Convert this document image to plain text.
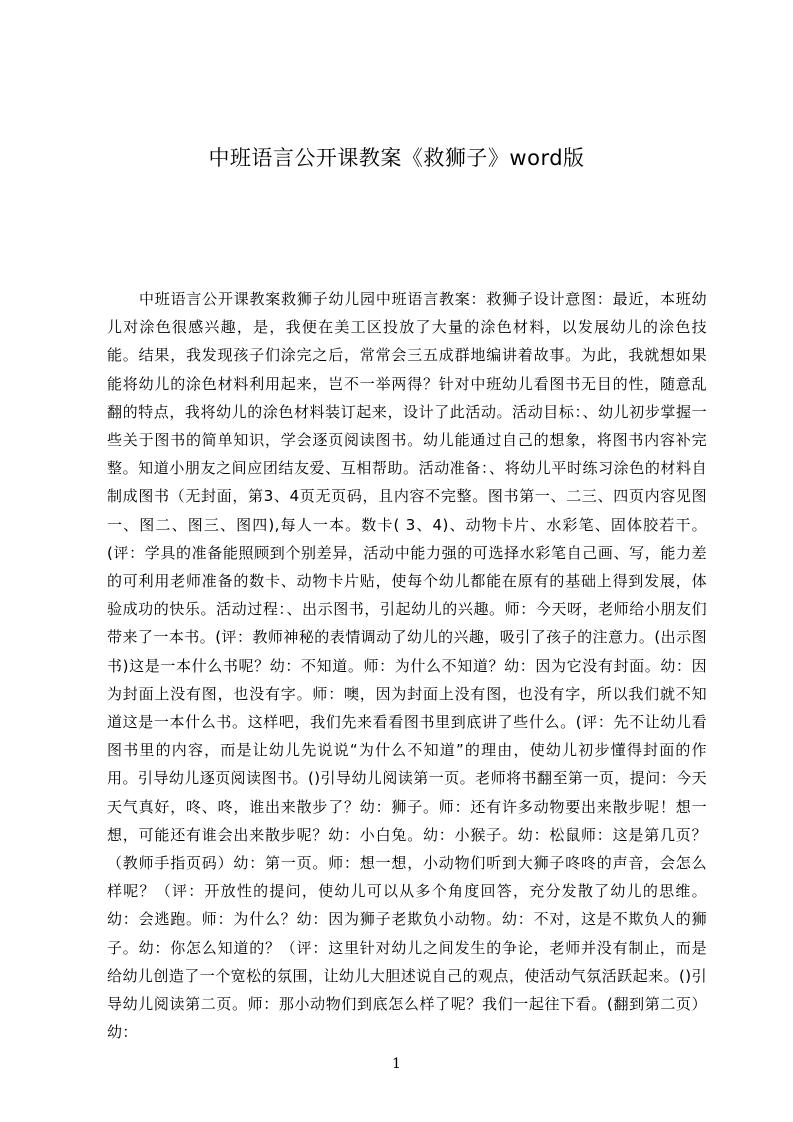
中班语言公开课教案《救狮子》word版

中班语言公开课教案救狮子幼儿园中班语言教案：救狮子设计意图：最近，本班幼儿对涂色很感兴趣，是，我便在美工区投放了大量的涂色材料，以发展幼儿的涂色技能。结果，我发现孩子们涂完之后，常常会三五成群地编讲着故事。为此，我就想如果能将幼儿的涂色材料利用起来，岂不一举两得？针对中班幼儿看图书无目的性，随意乱翻的特点，我将幼儿的涂色材料装订起来，设计了此活动。活动目标：、幼儿初步掌握一些关于图书的简单知识，学会逐页阅读图书。幼儿能通过自己的想象，将图书内容补完整。知道小朋友之间应团结友爱、互相帮助。活动准备：、将幼儿平时练习涂色的材料自制成图书（无封面，第3、4页无页码，且内容不完整。图书第一、二三、四页内容见图一、图二、图三、图四),每人一本。数卡( 3、4)、动物卡片、水彩笔、固体胶若干。(评：学具的准备能照顾到个别差异，活动中能力强的可选择水彩笔自己画、写，能力差的可利用老师准备的数卡、动物卡片贴，使每个幼儿都能在原有的基础上得到发展，体验成功的快乐。活动过程：、出示图书，引起幼儿的兴趣。师：今天呀，老师给小朋友们带来了一本书。(评：教师神秘的表情调动了幼儿的兴趣，吸引了孩子的注意力。(出示图书)这是一本什么书呢？幼：不知道。师：为什么不知道？幼：因为它没有封面。幼：因为封面上没有图，也没有字。师：噢，因为封面上没有图，也没有字，所以我们就不知道这是一本什么书。这样吧，我们先来看看图书里到底讲了些什么。(评：先不让幼儿看图书里的内容，而是让幼儿先说说“为什么不知道”的理由，使幼儿初步懂得封面的作用。引导幼儿逐页阅读图书。()引导幼儿阅读第一页。老师将书翻至第一页，提问：今天天气真好，咚、咚，谁出来散步了？幼：狮子。师：还有许多动物要出来散步呢！想一想，可能还有谁会出来散步呢？幼：小白兔。幼：小猴子。幼：松鼠师：这是第几页？（教师手指页码）幼：第一页。师：想一想，小动物们听到大狮子咚咚的声音，会怎么样呢？（评：开放性的提问，使幼儿可以从多个角度回答，充分发散了幼儿的思维。幼：会逃跑。师：为什么？幼：因为狮子老欺负小动物。幼：不对，这是不欺负人的狮子。幼：你怎么知道的？（评：这里针对幼儿之间发生的争论，老师并没有制止，而是给幼儿创造了一个宽松的氛围，让幼儿大胆述说自己的观点，使活动气氛活跃起来。()引导幼儿阅读第二页。师：那小动物们到底怎么样了呢？我们一起往下看。(翻到第二页）幼：

1
